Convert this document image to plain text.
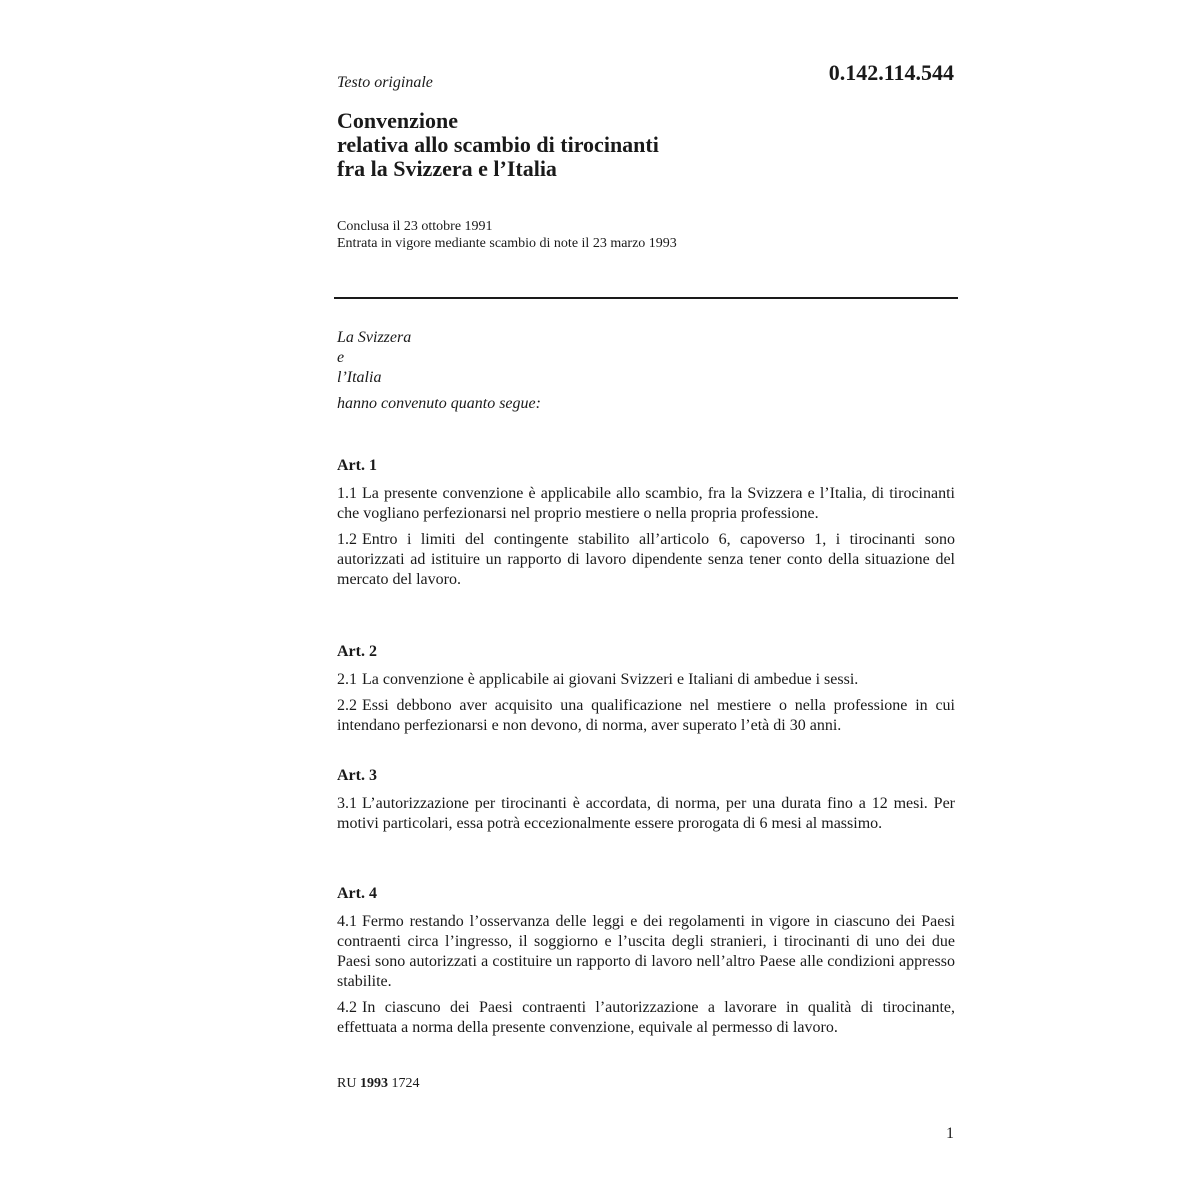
Testo originale	0.142.114.544

Convenzione
relativa allo scambio di tirocinanti
fra la Svizzera e l’Italia
Conclusa il 23 ottobre 1991
Entrata in vigore mediante scambio di note il 23 marzo 1993
La Svizzera
e
l’Italia
hanno convenuto quanto segue:
Art. 1

1.1 La presente convenzione è applicabile allo scambio, fra la Svizzera e l’Italia, di tirocinanti che vogliano perfezionarsi nel proprio mestiere o nella propria professione.

1.2 Entro i limiti del contingente stabilito all’articolo 6, capoverso 1, i tirocinanti sono autorizzati ad istituire un rapporto di lavoro dipendente senza tener conto della situazione del mercato del lavoro.

Art. 2

2.1 La convenzione è applicabile ai giovani Svizzeri e Italiani di ambedue i sessi.

2.2 Essi debbono aver acquisito una qualificazione nel mestiere o nella professione in cui intendano perfezionarsi e non devono, di norma, aver superato l’età di 30 anni.

Art. 3

3.1 L’autorizzazione per tirocinanti è accordata, di norma, per una durata fino a 12 mesi. Per motivi particolari, essa potrà eccezionalmente essere prorogata di 6 mesi al massimo.

Art. 4

4.1 Fermo restando l’osservanza delle leggi e dei regolamenti in vigore in ciascuno dei Paesi contraenti circa l’ingresso, il soggiorno e l’uscita degli stranieri, i tirocinanti di uno dei due Paesi sono autorizzati a costituire un rapporto di lavoro nell’altro Paese alle condizioni appresso stabilite.

4.2 In ciascuno dei Paesi contraenti l’autorizzazione a lavorare in qualità di tirocinante, effettuata a norma della presente convenzione, equivale al permesso di lavoro.

RU 1993 1724

1
